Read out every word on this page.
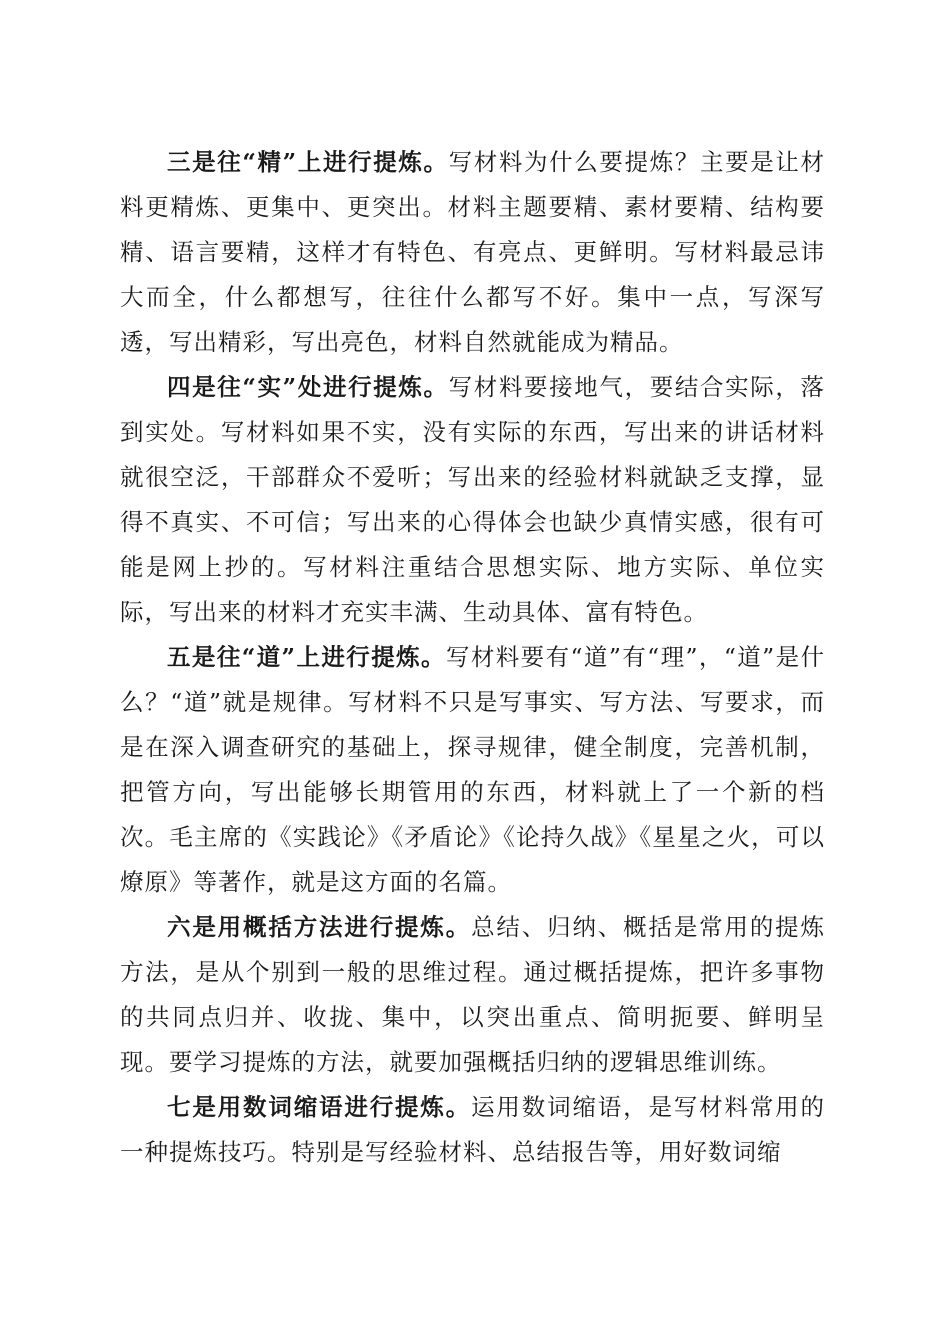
三是往“精”上进行提炼。写材料为什么要提炼？主要是让材料更精炼、更集中、更突出。材料主题要精、素材要精、结构要精、语言要精，这样才有特色、有亮点、更鲜明。写材料最忌讳大而全，什么都想写，往往什么都写不好。集中一点，写深写透，写出精彩，写出亮色，材料自然就能成为精品。

四是往“实”处进行提炼。写材料要接地气，要结合实际，落到实处。写材料如果不实，没有实际的东西，写出来的讲话材料就很空泛，干部群众不爱听；写出来的经验材料就缺乏支撑，显得不真实、不可信；写出来的心得体会也缺少真情实感，很有可能是网上抄的。写材料注重结合思想实际、地方实际、单位实际，写出来的材料才充实丰满、生动具体、富有特色。

五是往“道”上进行提炼。写材料要有“道”有“理”，“道”是什么？“道”就是规律。写材料不只是写事实、写方法、写要求，而是在深入调查研究的基础上，探寻规律，健全制度，完善机制，把管方向，写出能够长期管用的东西，材料就上了一个新的档次。毛主席的《实践论》《矛盾论》《论持久战》《星星之火，可以燎原》等著作，就是这方面的名篇。

六是用概括方法进行提炼。总结、归纳、概括是常用的提炼方法，是从个别到一般的思维过程。通过概括提炼，把许多事物的共同点归并、收拢、集中，以突出重点、简明扼要、鲜明呈现。要学习提炼的方法，就要加强概括归纳的逻辑思维训练。

七是用数词缩语进行提炼。运用数词缩语，是写材料常用的一种提炼技巧。特别是写经验材料、总结报告等，用好数词缩
